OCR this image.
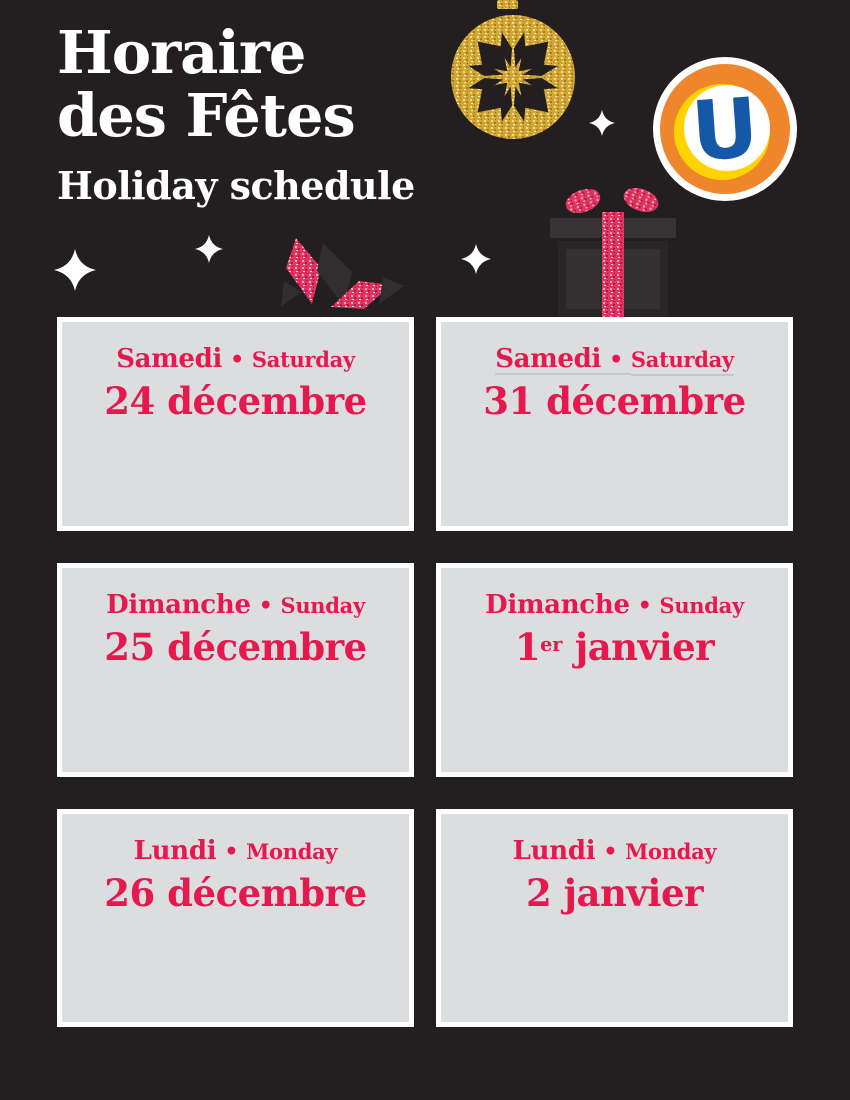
U
Horaire
des Fêtes
Holiday schedule
Samedi • Saturday
24 décembre
Samedi • Saturday
31 décembre
Dimanche • Sunday
25 décembre
Dimanche • Sunday
1er janvier
Lundi • Monday
26 décembre
Lundi • Monday
2 janvier
